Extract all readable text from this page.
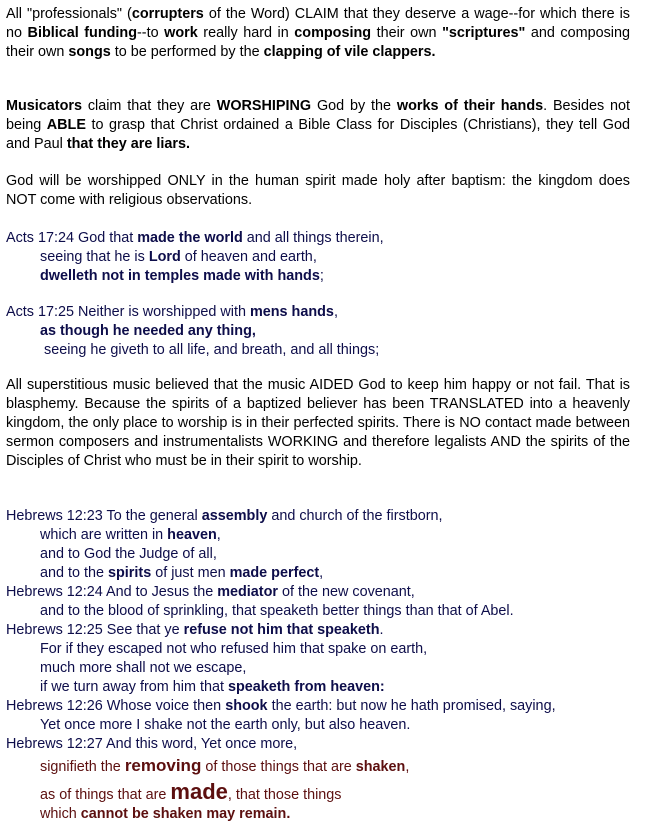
All "professionals" (corrupters of the Word) CLAIM that they deserve a wage--for which there is no Biblical funding--to work really hard in composing their own "scriptures" and composing their own songs to be performed by the clapping of vile clappers.

Musicators claim that they are WORSHIPING God by the works of their hands. Besides not being ABLE to grasp that Christ ordained a Bible Class for Disciples (Christians), they tell God and Paul that they are liars.

God will be worshipped ONLY in the human spirit made holy after baptism: the kingdom does NOT come with religious observations.

Acts 17:24 God that made the world and all things therein,
seeing that he is Lord of heaven and earth,
dwelleth not in temples made with hands;
Acts 17:25 Neither is worshipped with mens hands,
as though he needed any thing,
seeing he giveth to all life, and breath, and all things;

All superstitious music believed that the music AIDED God to keep him happy or not fail. That is blasphemy. Because the spirits of a baptized believer has been TRANSLATED into a heavenly kingdom, the only place to worship is in their perfected spirits. There is NO contact made between sermon composers and instrumentalists WORKING and therefore legalists AND the spirits of the Disciples of Christ who must be in their spirit to worship.

Hebrews 12:23 To the general assembly and church of the firstborn,
which are written in heaven,
and to God the Judge of all,
and to the spirits of just men made perfect,
Hebrews 12:24 And to Jesus the mediator of the new covenant,
and to the blood of sprinkling, that speaketh better things than that of Abel.
Hebrews 12:25 See that ye refuse not him that speaketh.
For if they escaped not who refused him that spake on earth,
much more shall not we escape,
if we turn away from him that speaketh from heaven:
Hebrews 12:26 Whose voice then shook the earth: but now he hath promised, saying,
Yet once more I shake not the earth only, but also heaven.
Hebrews 12:27 And this word, Yet once more,
signifieth the removing of those things that are shaken,
as of things that are made, that those things
which cannot be shaken may remain.
